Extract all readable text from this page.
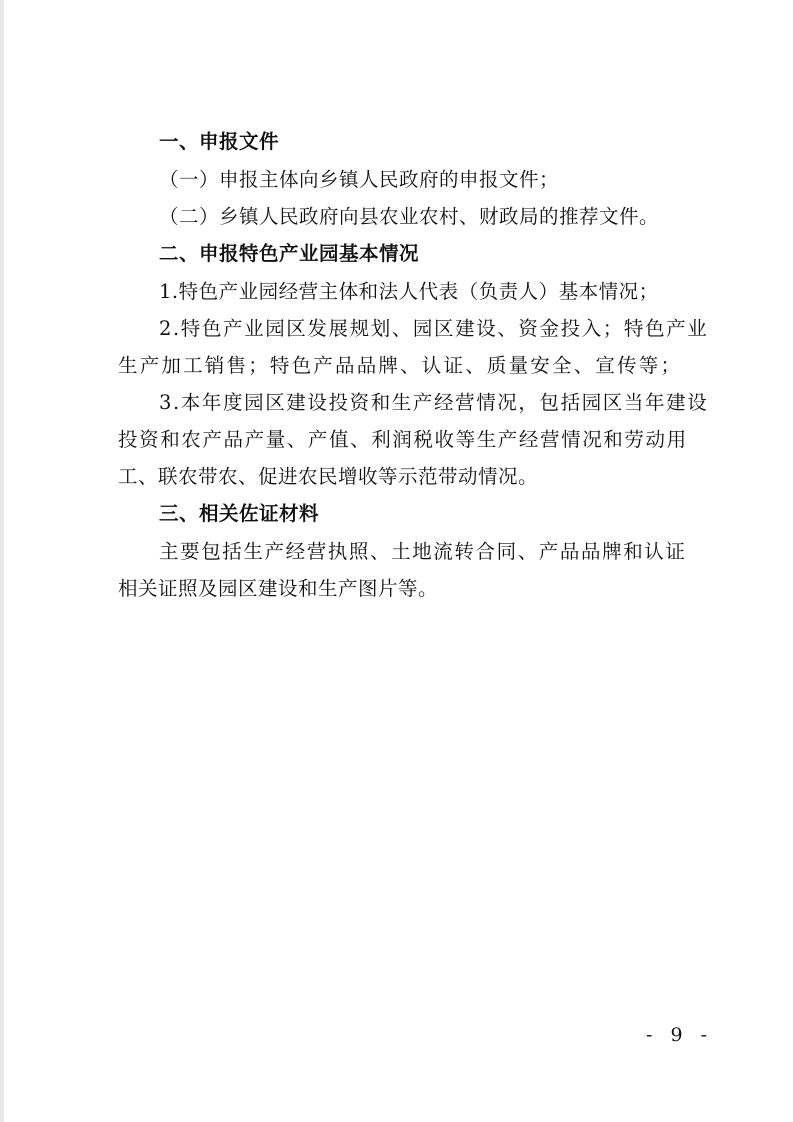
一、申报文件
（一）申报主体向乡镇人民政府的申报文件；
（二）乡镇人民政府向县农业农村、财政局的推荐文件。
二、申报特色产业园基本情况
1.特色产业园经营主体和法人代表（负责人）基本情况；
2.特色产业园区发展规划、园区建设、资金投入；特色产业
生产加工销售；特色产品品牌、认证、质量安全、宣传等；
3.本年度园区建设投资和生产经营情况，包括园区当年建设
投资和农产品产量、产值、利润税收等生产经营情况和劳动用
工、联农带农、促进农民增收等示范带动情况。
三、相关佐证材料
主要包括生产经营执照、土地流转合同、产品品牌和认证
相关证照及园区建设和生产图片等。
- 9 -
